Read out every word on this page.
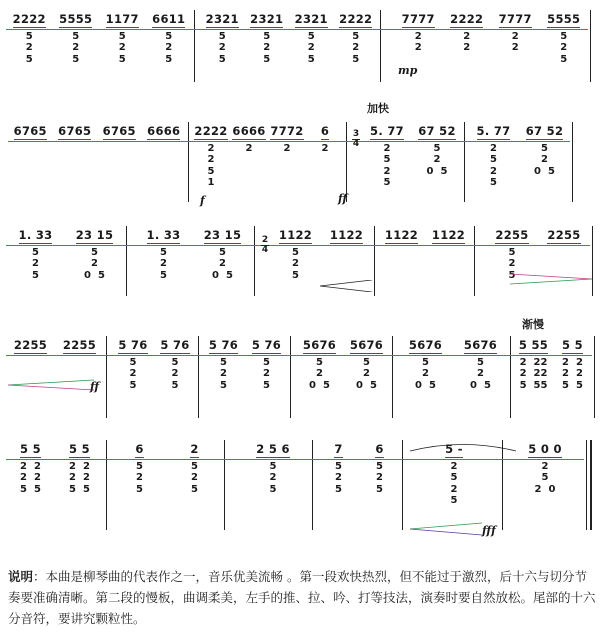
2222
5
2
5
5555
5
2
5
1177
5
2
5
6611
5
2
5
2321
5
2
5
2321
5
2
5
2321
5
2
5
2222
5
2
5
7777
2
2
2222
2
2
7777
2
2
5555
5
2
5
mp
加快
6765 6765 6765 6666 2222
2
2
5
1
6666
2
7772
2
6
2
5. 77
2
5
2
5
67 52
5
2
0  5
5. 77
2
5
2
5
67 52
5
2
0  5
f	ff
3
4
1. 33
5
2
5
23 15
5
2
0  5
1. 33
5
2
5
23 15
5
2
0  5
1122
5
2
5
1122 1122 1122	2255
5
2
5
2255
2
4
渐慢
2255 2255 5 76
5
2
5
5 76
5
2
5
5 76
5
2
5
5 76
5
2
5
5676
5
2
0  5
5676
5
2
0  5
5676
5
2
0  5
5676
5
2
0  5
5 55
2  22
2  22
5  55
5 5
2  2
2  2
5  5
ff
5 5
2  2
2  2
5  5
5 5
2  2
2  2
5  5
6
5
2
5
2
5
2
5
2 5 6
5
2
5
7
5
2
5
6
5
2
5
5 -
2
5
2
5
5 0 0
2
5
2  0
fff
说明：本曲是柳琴曲的代表作之一，音乐优美流畅 。第一段欢快热烈，但不能过于激烈，后十六与切分节奏要准确清晰。第二段的慢板，曲调柔美，左手的推、拉、吟、打等技法，演奏时要自然放松。尾部的十六分音符，要讲究颗粒性。
